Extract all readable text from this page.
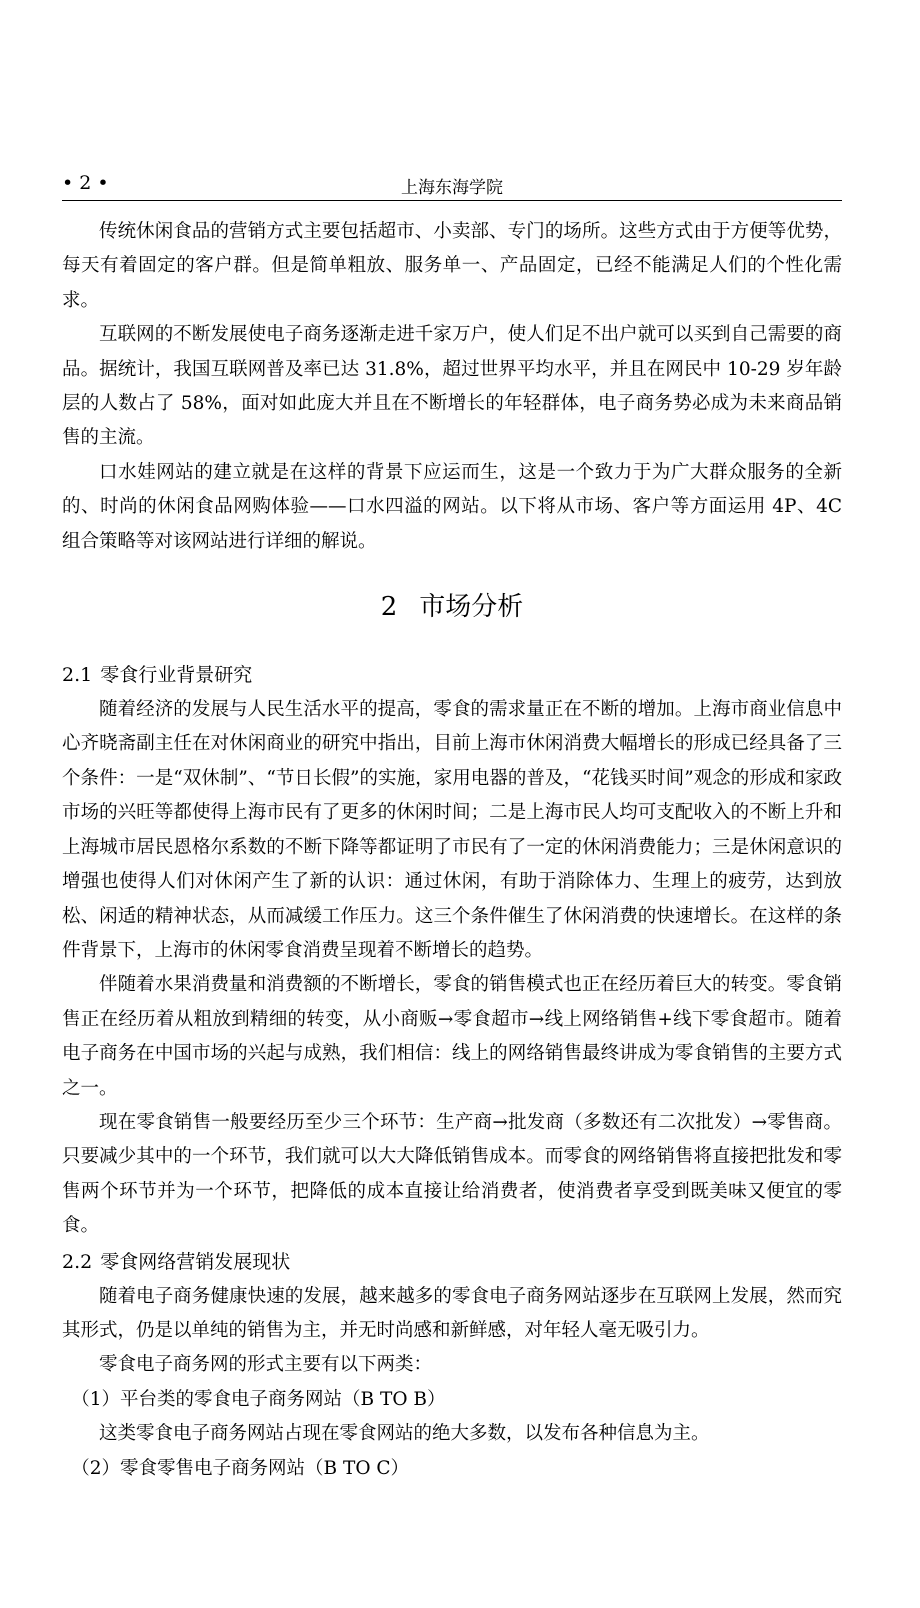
• 2 •	上海东海学院

传统休闲食品的营销方式主要包括超市、小卖部、专门的场所。这些方式由于方便等优势，每天有着固定的客户群。但是简单粗放、服务单一、产品固定，已经不能满足人们的个性化需求。

互联网的不断发展使电子商务逐渐走进千家万户，使人们足不出户就可以买到自己需要的商品。据统计，我国互联网普及率已达 31.8%，超过世界平均水平，并且在网民中 10-29 岁年龄层的人数占了 58%，面对如此庞大并且在不断增长的年轻群体，电子商务势必成为未来商品销售的主流。

口水娃网站的建立就是在这样的背景下应运而生，这是一个致力于为广大群众服务的全新的、时尚的休闲食品网购体验——口水四溢的网站。以下将从市场、客户等方面运用 4P、4C 组合策略等对该网站进行详细的解说。

2 市场分析
2.1 零食行业背景研究

随着经济的发展与人民生活水平的提高，零食的需求量正在不断的增加。上海市商业信息中心齐晓斋副主任在对休闲商业的研究中指出，目前上海市休闲消费大幅增长的形成已经具备了三个条件：一是“双休制”、“节日长假”的实施，家用电器的普及，“花钱买时间”观念的形成和家政市场的兴旺等都使得上海市民有了更多的休闲时间；二是上海市民人均可支配收入的不断上升和上海城市居民恩格尔系数的不断下降等都证明了市民有了一定的休闲消费能力；三是休闲意识的增强也使得人们对休闲产生了新的认识：通过休闲，有助于消除体力、生理上的疲劳，达到放松、闲适的精神状态，从而减缓工作压力。这三个条件催生了休闲消费的快速增长。在这样的条件背景下，上海市的休闲零食消费呈现着不断增长的趋势。

伴随着水果消费量和消费额的不断增长，零食的销售模式也正在经历着巨大的转变。零食销售正在经历着从粗放到精细的转变，从小商贩→零食超市→线上网络销售+线下零食超市。随着电子商务在中国市场的兴起与成熟，我们相信：线上的网络销售最终讲成为零食销售的主要方式之一。

现在零食销售一般要经历至少三个环节：生产商→批发商（多数还有二次批发）→零售商。只要减少其中的一个环节，我们就可以大大降低销售成本。而零食的网络销售将直接把批发和零售两个环节并为一个环节，把降低的成本直接让给消费者，使消费者享受到既美味又便宜的零食。

2.2 零食网络营销发展现状

随着电子商务健康快速的发展，越来越多的零食电子商务网站逐步在互联网上发展，然而究其形式，仍是以单纯的销售为主，并无时尚感和新鲜感，对年轻人毫无吸引力。

零食电子商务网的形式主要有以下两类：

（1）平台类的零食电子商务网站（B TO B）

这类零食电子商务网站占现在零食网站的绝大多数，以发布各种信息为主。

（2）零食零售电子商务网站（B TO C）
